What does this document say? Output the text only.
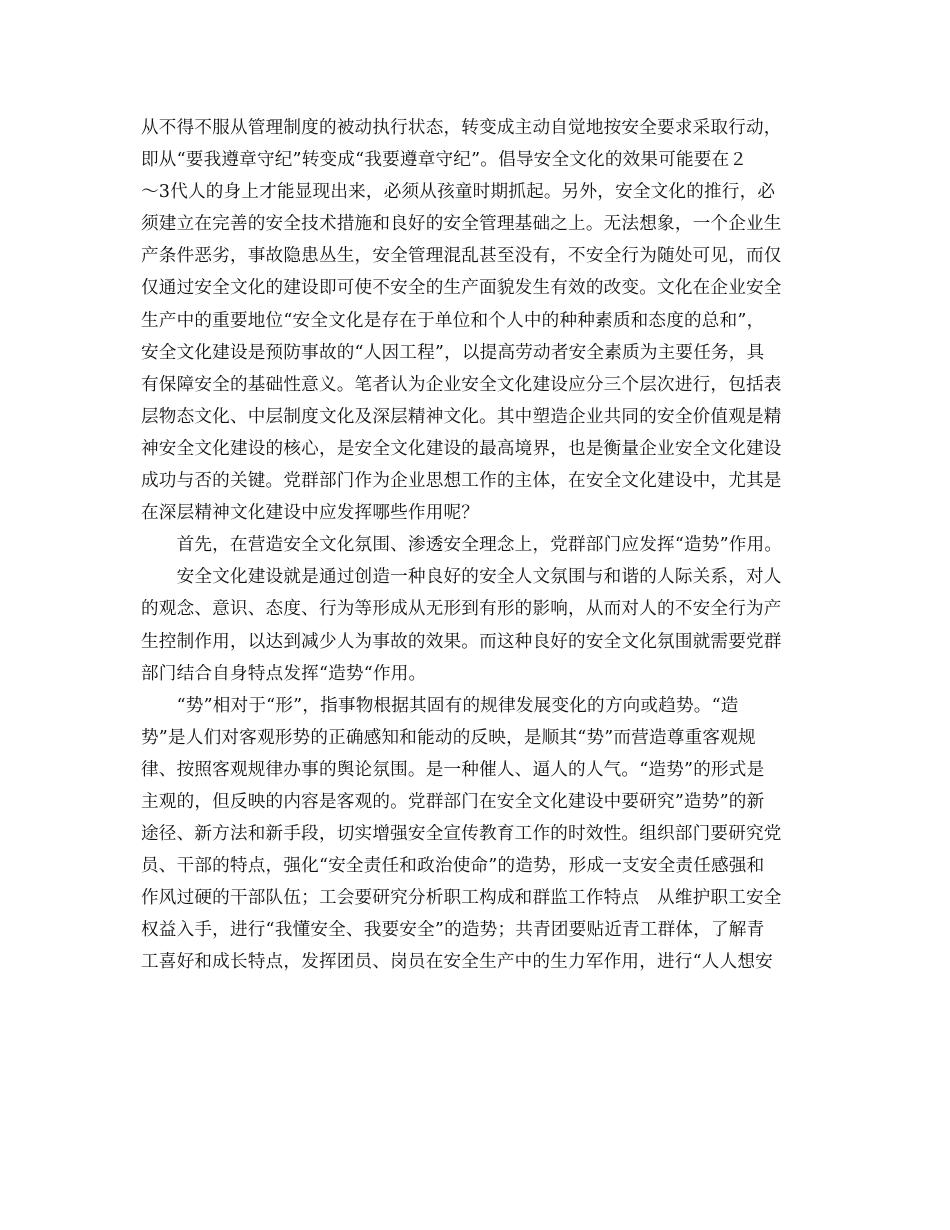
从不得不服从管理制度的被动执行状态，转变成主动自觉地按安全要求采取行动，
即从“要我遵章守纪”转变成“我要遵章守纪”。倡导安全文化的效果可能要在２
～3代人的身上才能显现出来，必须从孩童时期抓起。另外，安全文化的推行，必
须建立在完善的安全技术措施和良好的安全管理基础之上。无法想象，一个企业生
产条件恶劣，事故隐患丛生，安全管理混乱甚至没有，不安全行为随处可见，而仅
仅通过安全文化的建设即可使不安全的生产面貌发生有效的改变。文化在企业安全
生产中的重要地位“安全文化是存在于单位和个人中的种种素质和态度的总和”，
安全文化建设是预防事故的“人因工程”，以提高劳动者安全素质为主要任务，具
有保障安全的基础性意义。笔者认为企业安全文化建设应分三个层次进行，包括表
层物态文化、中层制度文化及深层精神文化。其中塑造企业共同的安全价值观是精
神安全文化建设的核心，是安全文化建设的最高境界，也是衡量企业安全文化建设
成功与否的关键。党群部门作为企业思想工作的主体，在安全文化建设中，尤其是
在深层精神文化建设中应发挥哪些作用呢？
　　首先，在营造安全文化氛围、渗透安全理念上，党群部门应发挥“造势”作用。
　　安全文化建设就是通过创造一种良好的安全人文氛围与和谐的人际关系，对人
的观念、意识、态度、行为等形成从无形到有形的影响，从而对人的不安全行为产
生控制作用，以达到减少人为事故的效果。而这种良好的安全文化氛围就需要党群
部门结合自身特点发挥“造势“作用。
　　“势”相对于“形”，指事物根据其固有的规律发展变化的方向或趋势。“造
势”是人们对客观形势的正确感知和能动的反映，是顺其“势”而营造尊重客观规
律、按照客观规律办事的舆论氛围。是一种催人、逼人的人气。“造势”的形式是
主观的，但反映的内容是客观的。党群部门在安全文化建设中要研究”造势”的新
途径、新方法和新手段，切实增强安全宣传教育工作的时效性。组织部门要研究党
员、干部的特点，强化“安全责任和政治使命”的造势，形成一支安全责任感强和
作风过硬的干部队伍；工会要研究分析职工构成和群监工作特点　从维护职工安全
权益入手，进行“我懂安全、我要安全”的造势；共青团要贴近青工群体，了解青
工喜好和成长特点，发挥团员、岗员在安全生产中的生力军作用，进行“人人想安
